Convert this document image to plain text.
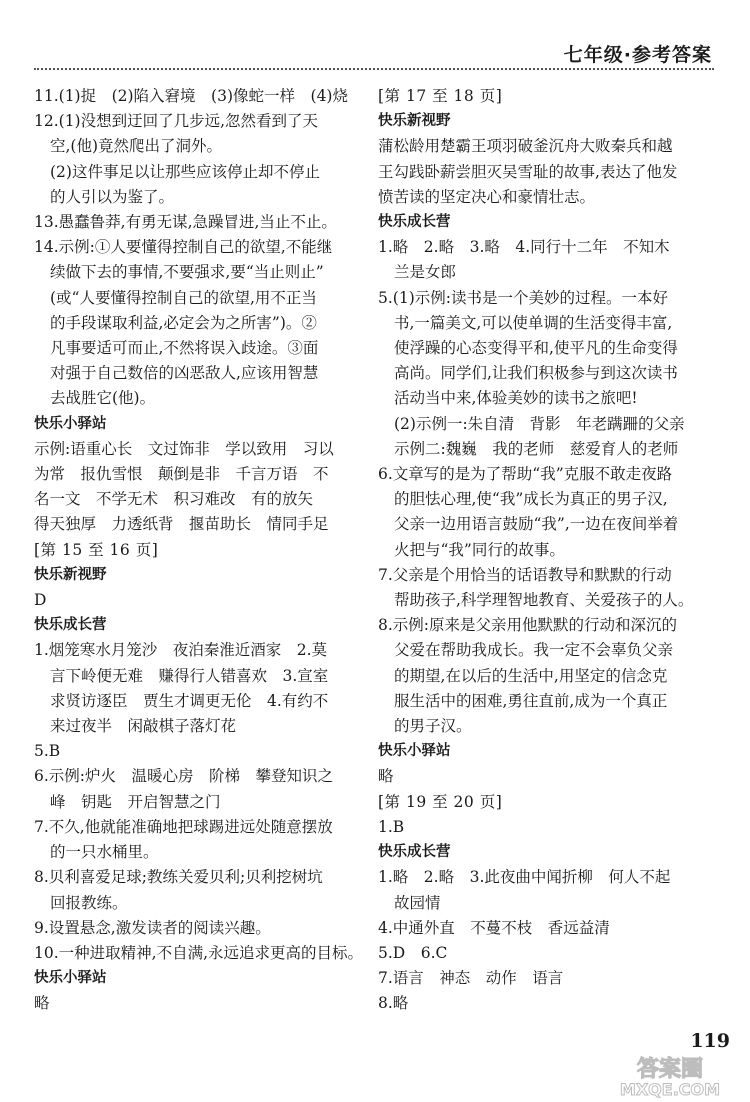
七年级·参考答案
11.(1)捉　(2)陷入窘境　(3)像蛇一样　(4)烧
12.(1)没想到迂回了几步远,忽然看到了天
空,(他)竟然爬出了洞外。
(2)这件事足以让那些应该停止却不停止
的人引以为鉴了。
13.愚蠢鲁莽,有勇无谋,急躁冒进,当止不止。
14.示例:①人要懂得控制自己的欲望,不能继
续做下去的事情,不要强求,要“当止则止”
(或“人要懂得控制自己的欲望,用不正当
的手段谋取利益,必定会为之所害”)。②
凡事要适可而止,不然将误入歧途。③面
对强于自己数倍的凶恶敌人,应该用智慧
去战胜它(他)。
快乐小驿站
示例:语重心长　文过饰非　学以致用　习以
为常　报仇雪恨　颠倒是非　千言万语　不
名一文　不学无术　积习难改　有的放矢
得天独厚　力透纸背　揠苗助长　情同手足
[第 15 至 16 页]
快乐新视野
D
快乐成长营
1.烟笼寒水月笼沙　夜泊秦淮近酒家　2.莫
言下岭便无难　赚得行人错喜欢　3.宣室
求贤访逐臣　贾生才调更无伦　4.有约不
来过夜半　闲敲棋子落灯花
5.B
6.示例:炉火　温暖心房　阶梯　攀登知识之
峰　钥匙　开启智慧之门
7.不久,他就能准确地把球踢进远处随意摆放
的一只水桶里。
8.贝利喜爱足球;教练关爱贝利;贝利挖树坑
回报教练。
9.设置悬念,激发读者的阅读兴趣。
10.一种进取精神,不自满,永远追求更高的目标。
快乐小驿站
略
[第 17 至 18 页]
快乐新视野
蒲松龄用楚霸王项羽破釜沉舟大败秦兵和越
王勾践卧薪尝胆灭吴雪耻的故事,表达了他发
愤苦读的坚定决心和豪情壮志。
快乐成长营
1.略　2.略　3.略　4.同行十二年　不知木
兰是女郎
5.(1)示例:读书是一个美妙的过程。一本好
书,一篇美文,可以使单调的生活变得丰富,
使浮躁的心态变得平和,使平凡的生命变得
高尚。同学们,让我们积极参与到这次读书
活动当中来,体验美妙的读书之旅吧!
(2)示例一:朱自清　背影　年老蹒跚的父亲
示例二:魏巍　我的老师　慈爱育人的老师
6.文章写的是为了帮助“我”克服不敢走夜路
的胆怯心理,使“我”成长为真正的男子汉,
父亲一边用语言鼓励“我”,一边在夜间举着
火把与“我”同行的故事。
7.父亲是个用恰当的话语教导和默默的行动
帮助孩子,科学理智地教育、关爱孩子的人。
8.示例:原来是父亲用他默默的行动和深沉的
父爱在帮助我成长。我一定不会辜负父亲
的期望,在以后的生活中,用坚定的信念克
服生活中的困难,勇往直前,成为一个真正
的男子汉。
快乐小驿站
略
[第 19 至 20 页]
1.B
快乐成长营
1.略　2.略　3.此夜曲中闻折柳　何人不起
故园情
4.中通外直　不蔓不枝　香远益清
5.D　6.C
7.语言　神态　动作　语言
8.略
119
答案圈
MXQE.COM
